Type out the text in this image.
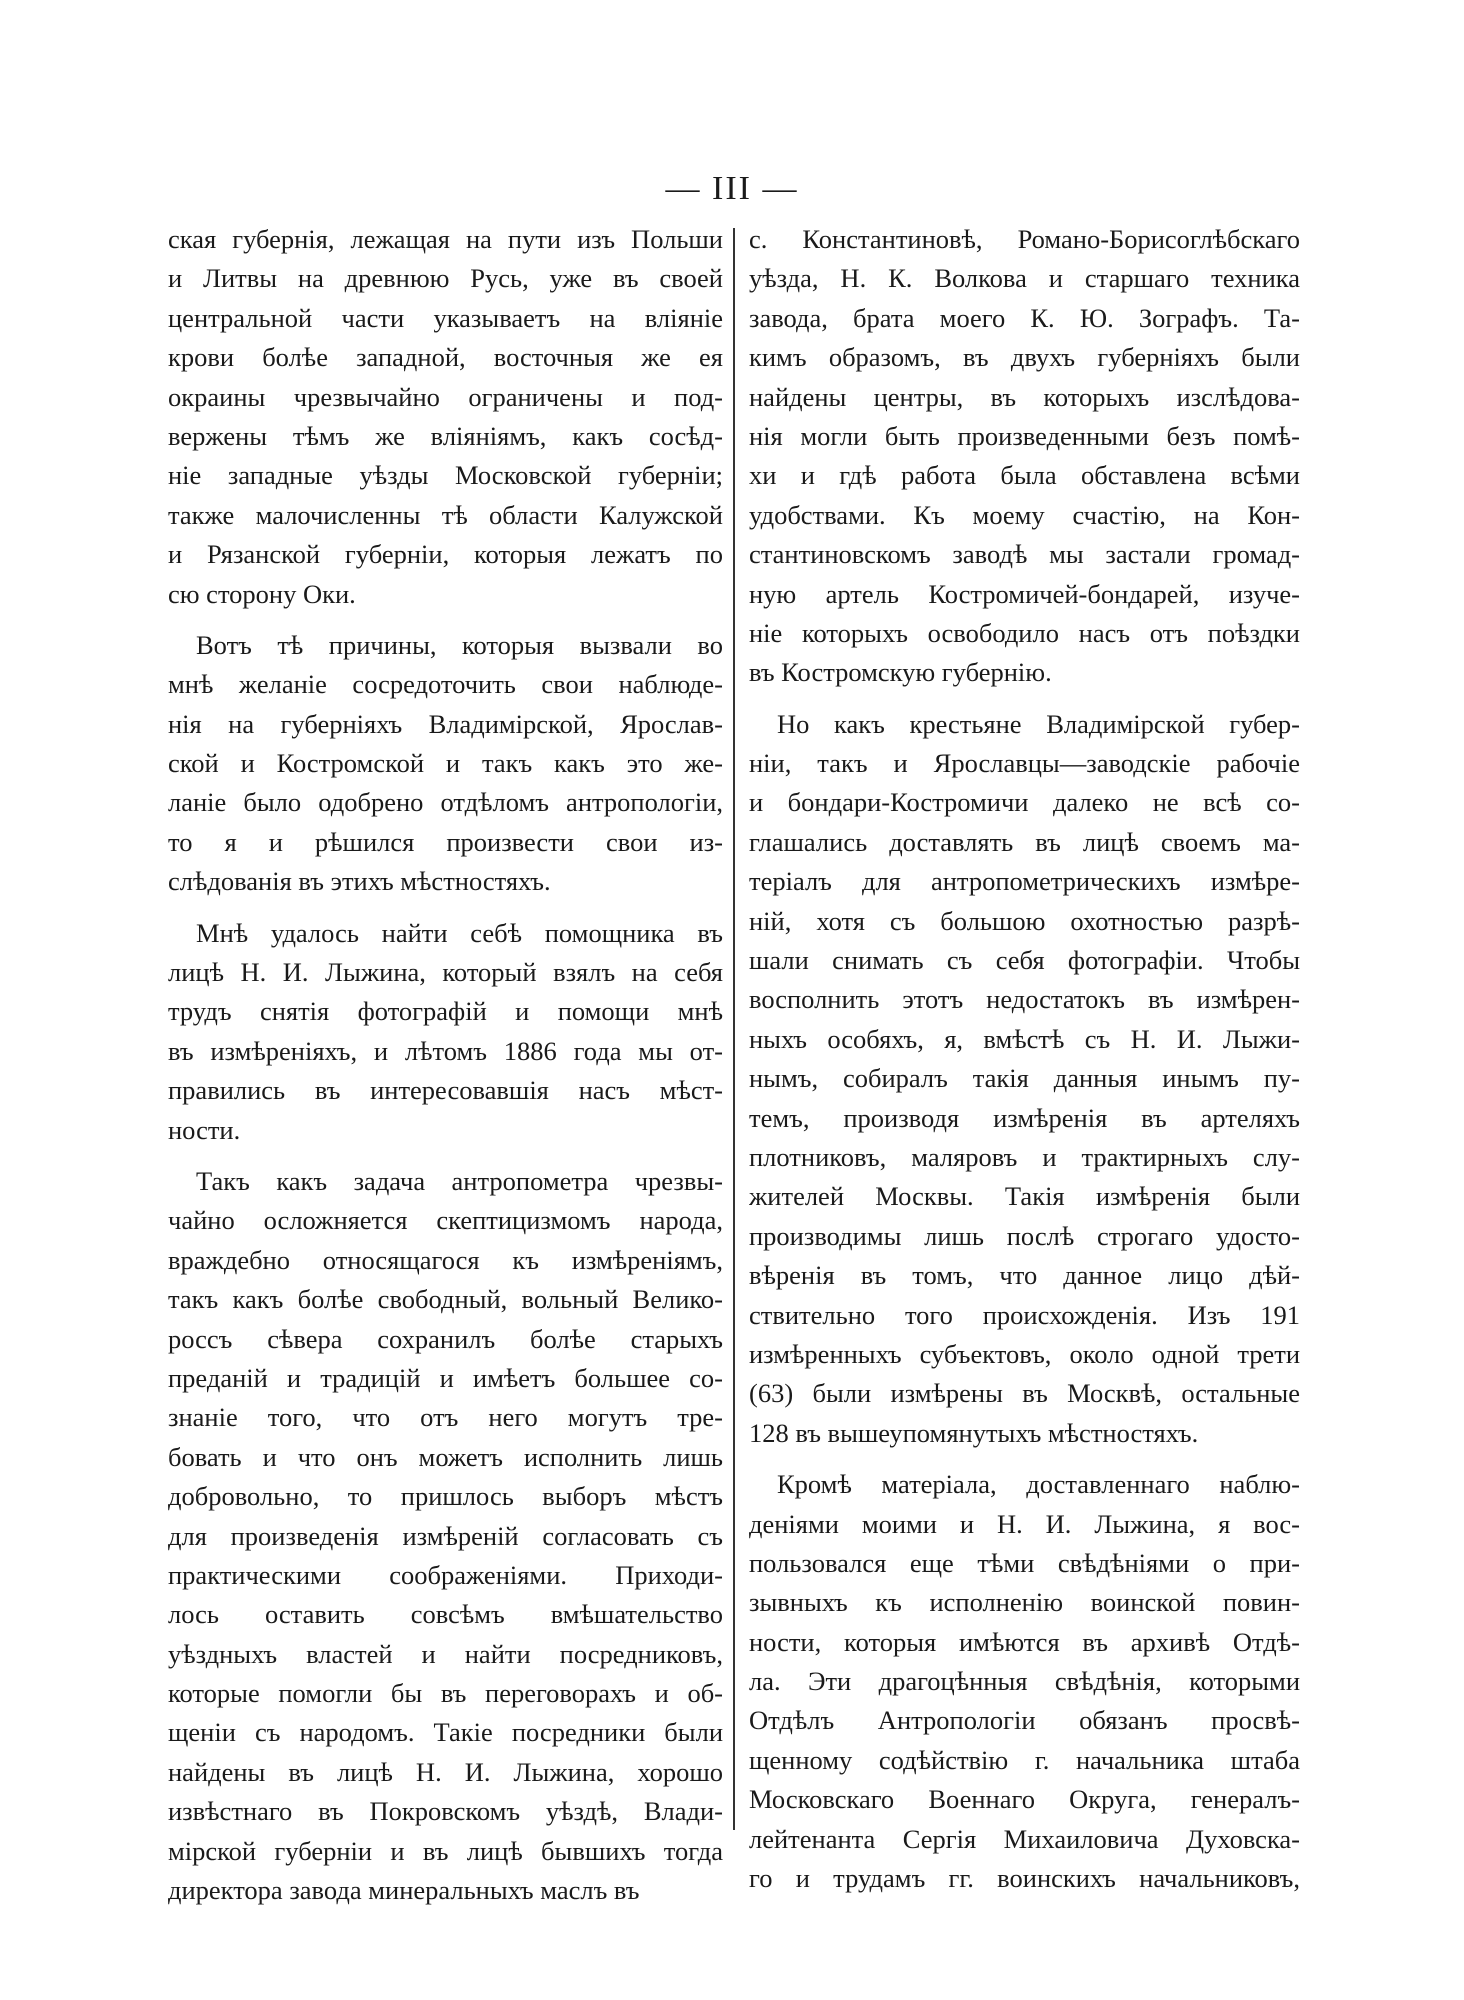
— III —
ская губернія, лежащая на пути изъ Польши
и Литвы на древнюю Русь, уже въ своей
центральной части указываетъ на вліяніе
крови болѣе западной, восточныя же ея
окраины чрезвычайно ограничены и под-
вержены тѣмъ же вліяніямъ, какъ сосѣд-
ніе западные уѣзды Московской губерніи;
также малочисленны тѣ области Калужской
и Рязанской губерніи, которыя лежатъ по
сю сторону Оки.
Вотъ тѣ причины, которыя вызвали во
мнѣ желаніе сосредоточить свои наблюде-
нія на губерніяхъ Владимірской, Ярослав-
ской и Костромской и такъ какъ это же-
ланіе было одобрено отдѣломъ антропологіи,
то я и рѣшился произвести свои из-
слѣдованія въ этихъ мѣстностяхъ.
Мнѣ удалось найти себѣ помощника въ
лицѣ Н. И. Лыжина, который взялъ на себя
трудъ снятія фотографій и помощи мнѣ
въ измѣреніяхъ, и лѣтомъ 1886 года мы от-
правились въ интересовавшія насъ мѣст-
ности.
Такъ какъ задача антропометра чрезвы-
чайно осложняется скептицизмомъ народа,
враждебно относящагося къ измѣреніямъ,
такъ какъ болѣе свободный, вольный Велико-
россъ сѣвера сохранилъ болѣе старыхъ
преданій и традицій и имѣетъ большее со-
знаніе того, что отъ него могутъ тре-
бовать и что онъ можетъ исполнить лишь
добровольно, то пришлось выборъ мѣстъ
для произведенія измѣреній согласовать съ
практическими соображеніями. Приходи-
лось оставить совсѣмъ вмѣшательство
уѣздныхъ властей и найти посредниковъ,
которые помогли бы въ переговорахъ и об-
щеніи съ народомъ. Такіе посредники были
найдены въ лицѣ Н. И. Лыжина, хорошо
извѣстнаго въ Покровскомъ уѣздѣ, Влади-
мірской губерніи и въ лицѣ бывшихъ тогда
директора завода минеральныхъ маслъ въ
с. Константиновѣ, Романо-Борисоглѣбскаго
уѣзда, Н. К. Волкова и старшаго техника
завода, брата моего К. Ю. Зографъ. Та-
кимъ образомъ, въ двухъ губерніяхъ были
найдены центры, въ которыхъ изслѣдова-
нія могли быть произведенными безъ помѣ-
хи и гдѣ работа была обставлена всѣми
удобствами. Къ моему счастію, на Кон-
стантиновскомъ заводѣ мы застали громад-
ную артель Костромичей-бондарей, изуче-
ніе которыхъ освободило насъ отъ поѣздки
въ Костромскую губернію.
Но какъ крестьяне Владимірской губер-
ніи, такъ и Ярославцы—заводскіе рабочіе
и бондари-Костромичи далеко не всѣ со-
глашались доставлять въ лицѣ своемъ ма-
теріалъ для антропометрическихъ измѣре-
ній, хотя съ большою охотностью разрѣ-
шали снимать съ себя фотографіи. Чтобы
восполнить этотъ недостатокъ въ измѣрен-
ныхъ особяхъ, я, вмѣстѣ съ Н. И. Лыжи-
нымъ, собиралъ такія данныя инымъ пу-
темъ, производя измѣренія въ артеляхъ
плотниковъ, маляровъ и трактирныхъ слу-
жителей Москвы. Такія измѣренія были
производимы лишь послѣ строгаго удосто-
вѣренія въ томъ, что данное лицо дѣй-
ствительно того происхожденія. Изъ 191
измѣренныхъ субъектовъ, около одной трети
(63) были измѣрены въ Москвѣ, остальные
128 въ вышеупомянутыхъ мѣстностяхъ.
Кромѣ матеріала, доставленнаго наблю-
деніями моими и Н. И. Лыжина, я вос-
пользовался еще тѣми свѣдѣніями о при-
зывныхъ къ исполненію воинской повин-
ности, которыя имѣются въ архивѣ Отдѣ-
ла. Эти драгоцѣнныя свѣдѣнія, которыми
Отдѣлъ Антропологіи обязанъ просвѣ-
щенному содѣйствію г. начальника штаба
Московскаго Военнаго Округа, генералъ-
лейтенанта Сергія Михаиловича Духовска-
го и трудамъ гг. воинскихъ начальниковъ,
